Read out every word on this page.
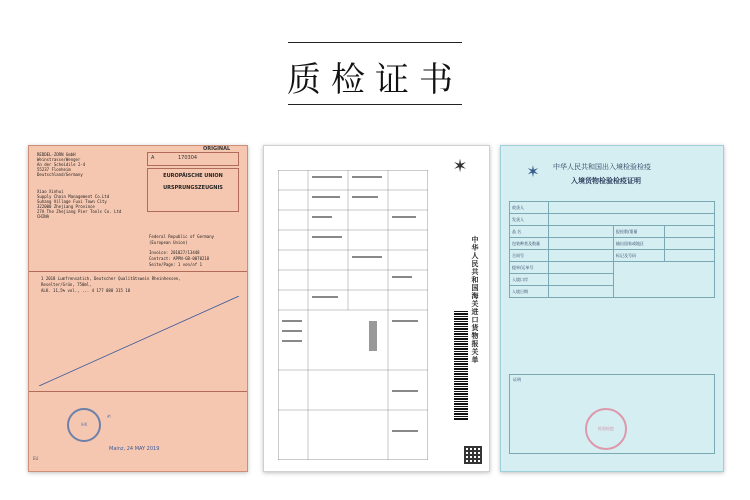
质检证书
REDDEL-ZORN GmbH
Weinstrasse/Wenger
An der Scheidile 2-4
55237 Flonheim
Deutschland/Germany
Xiao Xinhui
Supply Chain Management Co.Ltd
Suhang Village Fuxi Town City
322000 Zhejiang Province
27A The Zhejiang Pier Tools Co. Ltd
CHINA
A	170304
ORIGINAL
EUROPÄISCHE UNION
URSPRUNGSZEUGNIS
Federal Republic of Germany
(European Union)
Invoice: 201827/13448
Contract: APPN-GB-0070218
Seite/Page: 1 von/of 1
1 2018 Lumfrensatich, Deutscher Qualitätswein Rheinhessen,
Reselter/Grün, 750ml,
ALK. 11,5% vol., ... 4 177 088 315 18
IHK
✍
Mainz, 24 MAY 2019
EU
✶
中华人民共和国海关进口货物报关单
✶	中华人民共和国出入境检验检疫
入境货物检验检疫证明
收货人			
发货人			
品 名		报检数/重量	
包装种类及数量		输出国家或地区	
合同号		标记及号码	
提单/运单号			
入境口岸			
入境日期			
证明
检验检疫
